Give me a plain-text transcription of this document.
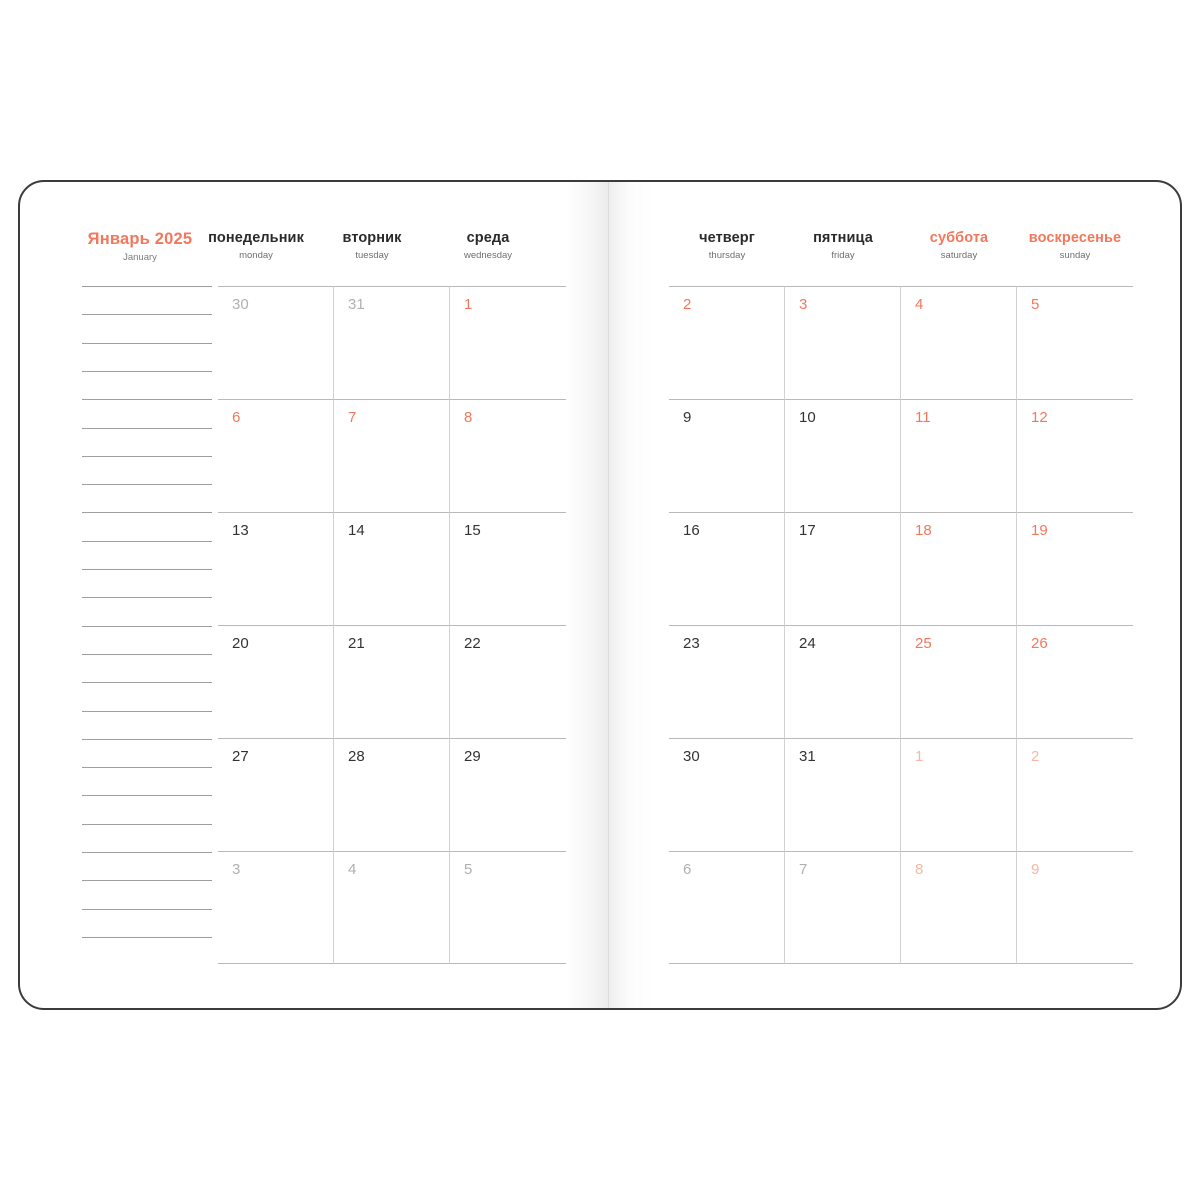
Январь 2025
January
понедельник
monday
вторник
tuesday
среда
wednesday
30	31	1
6	7	8
13	14	15
20	21	22
27	28	29
3	4	5
четверг
thursday
пятница
friday
суббота
saturday
воскресенье
sunday
2	3	4	5
9	10	11	12
16	17	18	19
23	24	25	26
30	31	1	2
6	7	8	9
